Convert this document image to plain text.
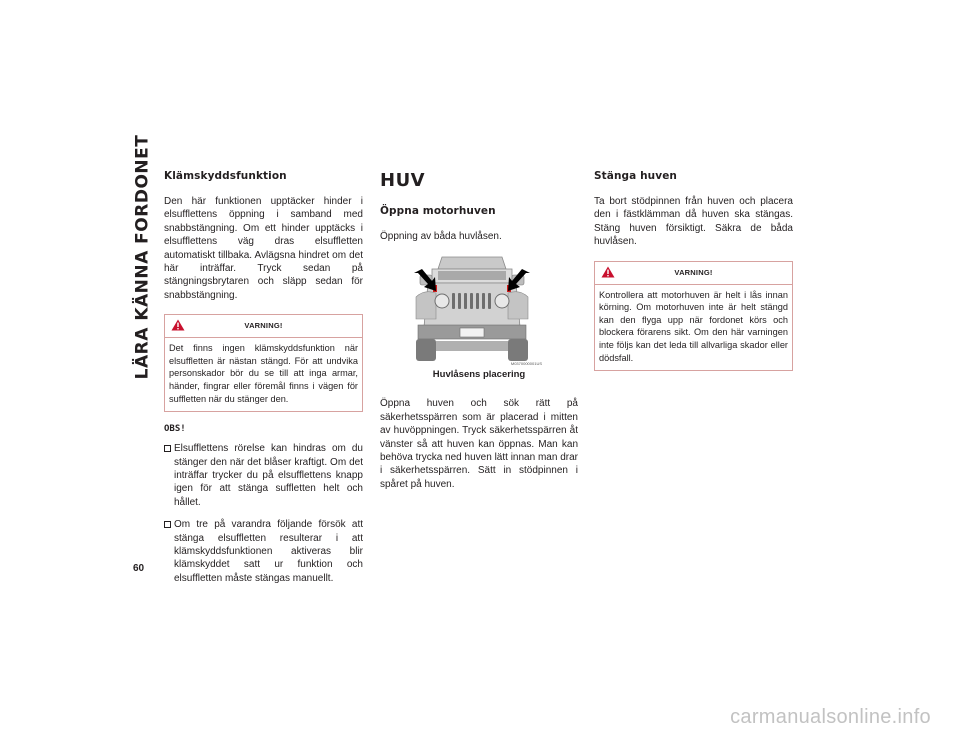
LÄRA KÄNNA FORDONET Klämskyddsfunktion
Den här funktionen upptäcker hinder i elsufflettens öppning i samband med snabbstängning. Om ett hinder upptäcks i elsufflettens väg dras elsuffletten automatiskt tillbaka. Avlägsna hindret om det här inträffar. Tryck sedan på stängningsbrytaren och släpp sedan för snabbstängning.
VARNING!
Det finns ingen klämskyddsfunktion när elsuffletten är nästan stängd. För att undvika personskador bör du se till att inga armar, händer, fingrar eller föremål finns i vägen för suffletten när du stänger den.
OBS!
Elsufflettens rörelse kan hindras om du stänger den när det blåser kraftigt. Om det inträffar trycker du på elsufflettens knapp igen för att stänga suffletten helt och hållet.
Om tre på varandra följande försök att stänga elsuffletten resulterar i att klämskyddsfunktionen aktiveras blir klämskyddet satt ur funktion och elsuffletten måste stängas manuellt.
HUV
Öppna motorhuven
Öppning av båda huvlåsen.
M0370000001US
Huvlåsens placering
Öppna huven och sök rätt på säkerhetsspärren som är placerad i mitten av huvöppningen. Tryck säkerhetsspärren åt vänster så att huven kan öppnas. Man kan behöva trycka ned huven lätt innan man drar i säkerhetsspärren. Sätt in stödpinnen i spåret på huven.
Stänga huven
Ta bort stödpinnen från huven och placera den i fästklämman då huven ska stängas. Stäng huven försiktigt. Säkra de båda huvlåsen.
VARNING!
Kontrollera att motorhuven är helt i lås innan körning. Om motorhuven inte är helt stängd kan den flyga upp när fordonet körs och blockera förarens sikt. Om den här varningen inte följs kan det leda till allvarliga skador eller dödsfall.
60
carmanualsonline.info
